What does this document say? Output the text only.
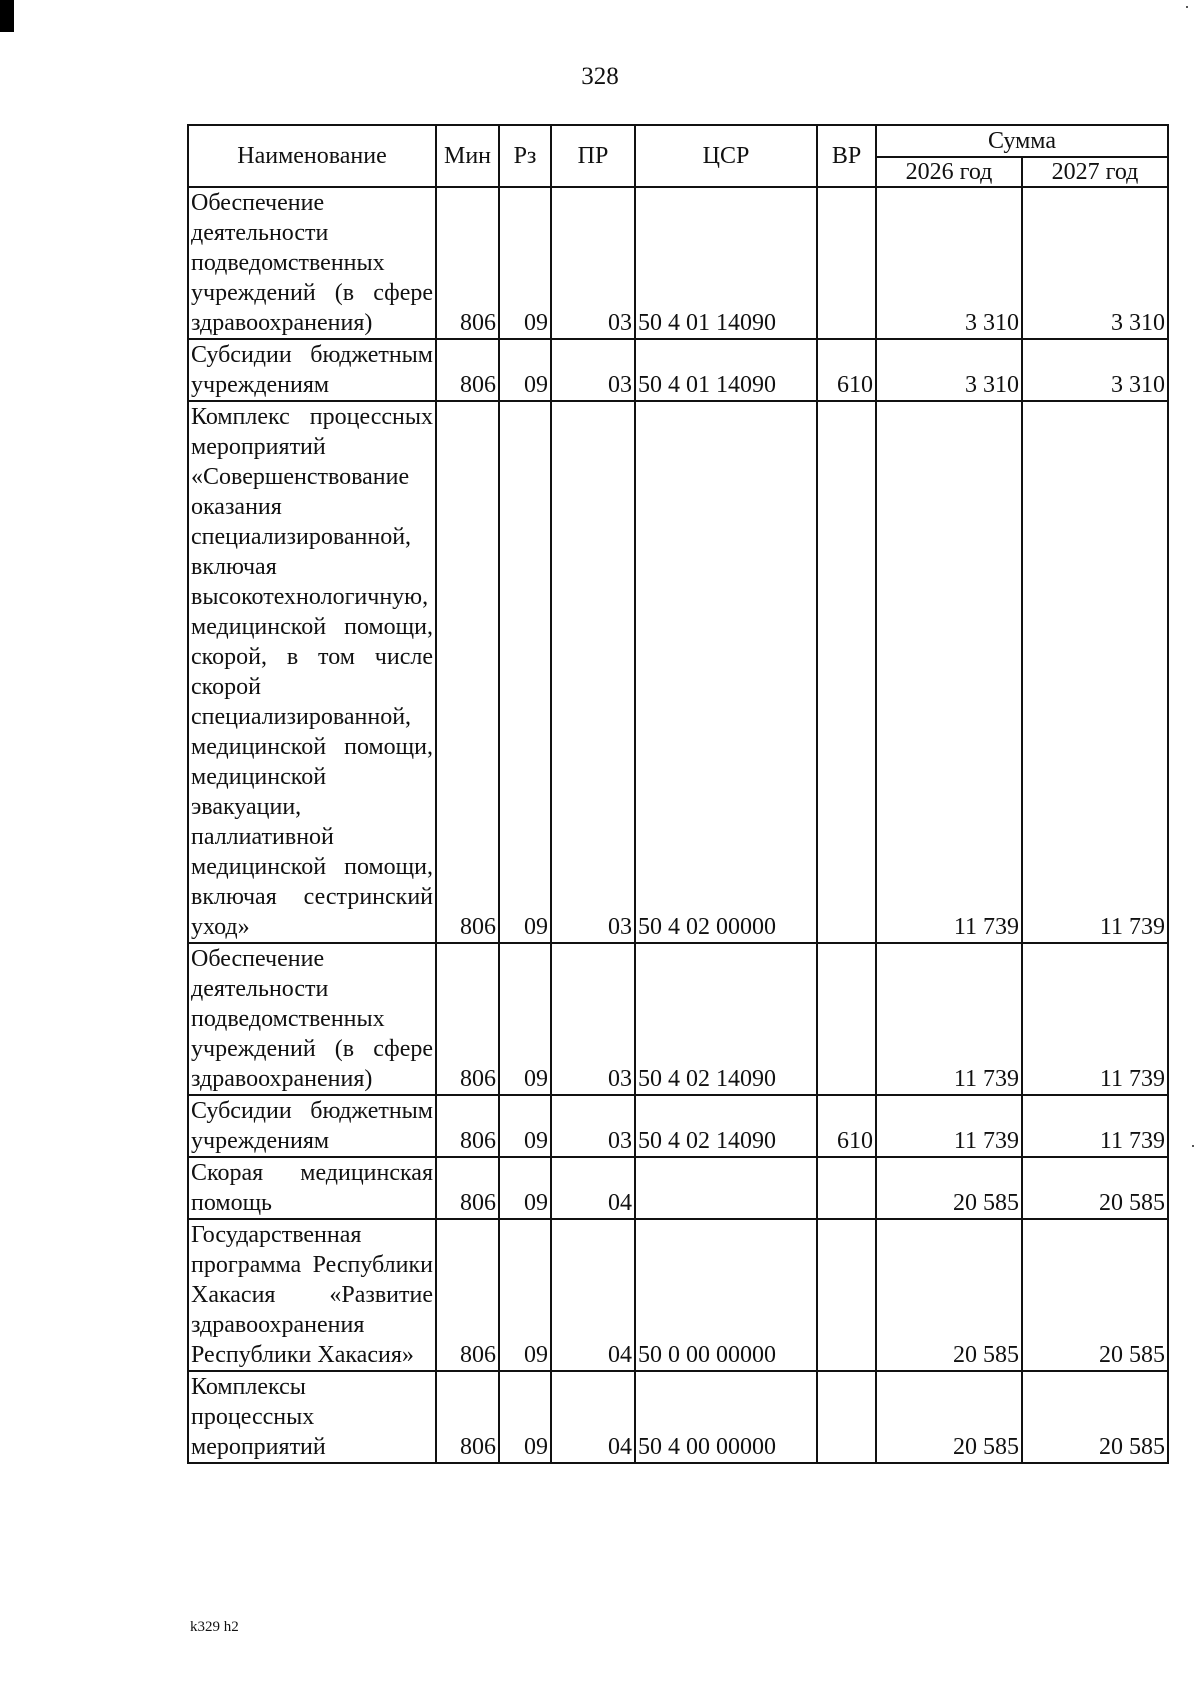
328
Наименование	Мин	Рз	ПР	ЦСР	ВР	Сумма	
						2026 год	2027 год
Обеспечение деятельности подведомственных учреждений (в сфере здравоохранения)	806	09	03	50 4 01 14090		3 310	3 310
Субсидии бюджетным учреждениям	806	09	03	50 4 01 14090	610	3 310	3 310
Комплекс процессных мероприятий «Совершенствование оказания специализированной, включая высокотехнологичную, медицинской помощи, скорой, в том числе скорой специализированной, медицинской помощи, медицинской эвакуации, паллиативной медицинской помощи, включая сестринский уход»	806	09	03	50 4 02 00000		11 739	11 739
Обеспечение деятельности подведомственных учреждений (в сфере здравоохранения)	806	09	03	50 4 02 14090		11 739	11 739
Субсидии бюджетным учреждениям	806	09	03	50 4 02 14090	610	11 739	11 739
Скорая медицинская помощь	806	09	04			20 585	20 585
Государственная программа Республики Хакасия «Развитие здравоохранения Республики Хакасия»	806	09	04	50 0 00 00000		20 585	20 585
Комплексы процессных мероприятий	806	09	04	50 4 00 00000		20 585	20 585
k329 h2
